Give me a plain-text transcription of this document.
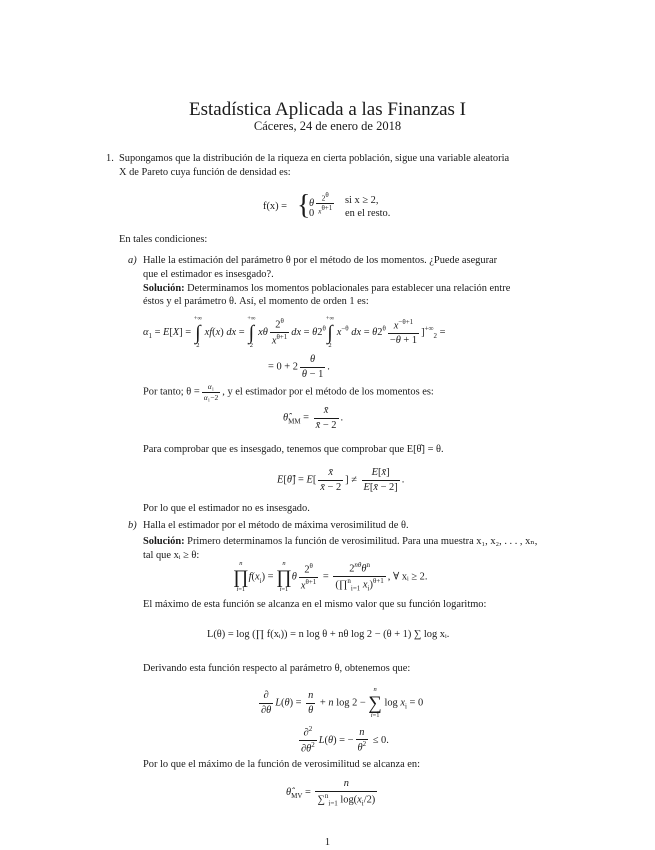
Estadística Aplicada a las Finanzas I
Cáceres, 24 de enero de 2018
1. Supongamos que la distribución de la riqueza en cierta población, sigue una variable aleatoria
X de Pareto cuya función de densidad es:
f(x) = {
θ $\frac{2^\theta}{x^{\theta+1}}$ si x ≥ 2,
0	en el resto.
En tales condiciones:
a) Halle la estimación del parámetro θ por el método de los momentos. ¿Puede asegurar
que el estimador es insesgado?.
Solución: Determinamos los momentos poblacionales para establecer una relación entre
éstos y el parámetro θ. Así, el momento de orden 1 es:
$\alpha_1 = E[X]$ =
+∞
∫
2
xf(x) dx =
+∞
∫
2
xθ $\frac{2^\theta}{x^{\theta+1}}$ dx = $\theta 2^\theta$
+∞
∫
2
$x^{-\theta}$ dx = $\theta 2^\theta \frac{x^{-\theta+1}}{-\theta + 1} ]^{+\infty}_2$ =
= $0 + 2 \frac{\theta}{\theta - 1}$ .
Por tanto; $\theta = \frac{\text{α₁}}{\text{α₁−2}}$ , y el estimador por el método de los momentos es:
$\thetâ_{MM} = \frac{x̄}{x̄ - 2}$ .
Para comprobar que es insesgado, tenemos que comprobar que E[θ̂] = θ.
E[θ̂] = $E[ \frac{x̄}{x̄ - 2}$ ] ≠ $\frac{E[x̄]}{E[x̄ - 2]}$ .
Por lo que el estimador no es insesgado.
b) Halla el estimador por el método de máxima verosimilitud de θ.
Solución: Primero determinamos la función de verosimilitud. Para una muestra x₁, x₂, . . . , xₙ,
tal que xᵢ ≥ θ:
n
∏
i=1
$f(x_i)$ =
n
∏
i=1
θ $\frac{2^\theta}{x^{\theta+1}} = \frac{2^{n\theta}\theta^n}{(\prod^n_{i=1} x_i)^{\theta+1}}$ , ∀ xᵢ ≥ 2.
El máximo de esta función se alcanza en el mismo valor que su función logaritmo:
L(θ) = log (∏ f(xᵢ)) = n log θ + nθ log 2 − (θ + 1) ∑ log xᵢ.
Derivando esta función respecto al parámetro θ, obtenemos que:
$\frac{\partial}{\partial\theta} L(\theta) = \frac{n}{\theta} + n$ log 2 −
n
∑
i=1
$\log x_i = 0$
$\frac{\partial^2}{\partial\theta^2} L(\theta)$ = − $\frac{n}{\theta^2} \le 0$.
Por lo que el máximo de la función de verosimilitud se alcanza en:
$\thetâ_{MV} = \frac{n}{\sum^n_{i=1} \log(x_i/2)}$
1
